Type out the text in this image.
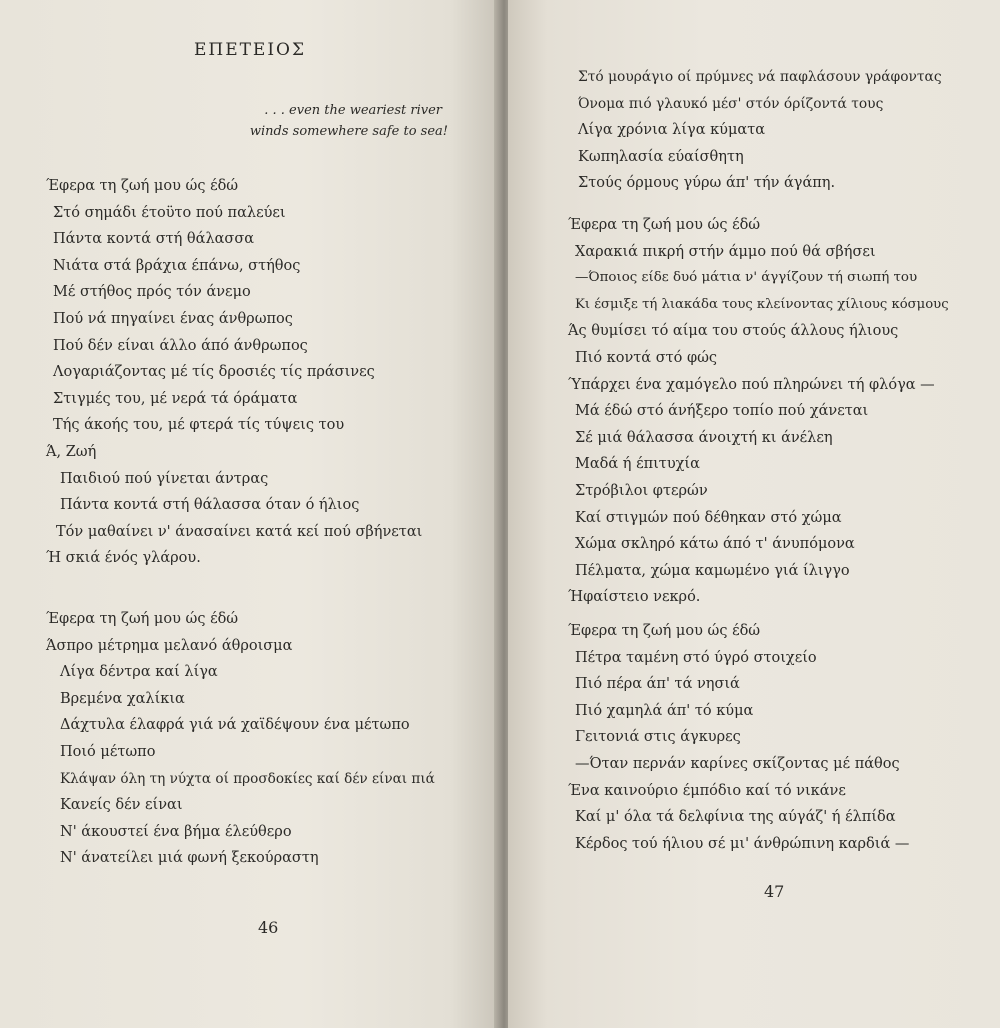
ΕΠΕΤΕΙΟΣ
. . . even the weariest river
winds somewhere safe to sea!
Έφερα τη ζωή μου ώς έδώ
Στό σημάδι έτοϋτο πού παλεύει
Πάντα κοντά στή θάλασσα
Νιάτα στά βράχια έπάνω, στήθος
Μέ στήθος πρός τόν άνεμο
Πού νά πηγαίνει ένας άνθρωπος
Πού δέν είναι άλλο άπό άνθρωπος
Λογαριάζοντας μέ τίς δροσιές τίς πράσινες
Στιγμές του, μέ νερά τά όράματα
Τής άκοής του, μέ φτερά τίς τύψεις του
Ά, Ζωή
Παιδιού πού γίνεται άντρας
Πάντα κοντά στή θάλασσα όταν ό ήλιος
Τόν μαθαίνει ν' άνασαίνει κατά κεί πού σβήνεται
Ή σκιά ένός γλάρου.
Έφερα τη ζωή μου ώς έδώ
Άσπρο μέτρημα μελανό άθροισμα
Λίγα δέντρα καί λίγα
Βρεμένα χαλίκια
Δάχτυλα έλαφρά γιά νά χαϊδέψουν ένα μέτωπο
Ποιό μέτωπο
Κλάψαν όλη τη νύχτα οί προσδοκίες καί δέν είναι πιά
Κανείς δέν είναι
Ν' άκουστεί ένα βήμα έλεύθερο
Ν' άνατείλει μιά φωνή ξεκούραστη
46
Στό μουράγιο οί πρύμνες νά παφλάσουν γράφοντας
Όνομα πιό γλαυκό μέσ' στόν όρίζοντά τους
Λίγα χρόνια λίγα κύματα
Κωπηλασία εύαίσθητη
Στούς όρμους γύρω άπ' τήν άγάπη.
Έφερα τη ζωή μου ώς έδώ
Χαρακιά πικρή στήν άμμο πού θά σβήσει
—Όποιος είδε δυό μάτια ν' άγγίζουν τή σιωπή του
Κι έσμιξε τή λιακάδα τους κλείνοντας χίλιους κόσμους
Άς θυμίσει τό αίμα του στούς άλλους ήλιους
Πιό κοντά στό φώς
Ύπάρχει ένα χαμόγελο πού πληρώνει τή φλόγα —
Μά έδώ στό άνήξερο τοπίο πού χάνεται
Σέ μιά θάλασσα άνοιχτή κι άνέλεη
Μαδά ή έπιτυχία
Στρόβιλοι φτερών
Καί στιγμών πού δέθηκαν στό χώμα
Χώμα σκληρό κάτω άπό τ' άνυπόμονα
Πέλματα, χώμα καμωμένο γιά ίλιγγο
Ήφαίστειο νεκρό.
Έφερα τη ζωή μου ώς έδώ
Πέτρα ταμένη στό ύγρό στοιχείο
Πιό πέρα άπ' τά νησιά
Πιό χαμηλά άπ' τό κύμα
Γειτονιά στις άγκυρες
—Όταν περνάν καρίνες σκίζοντας μέ πάθος
Ένα καινούριο έμπόδιο καί τό νικάνε
Καί μ' όλα τά δελφίνια της αύγάζ' ή έλπίδα
Κέρδος τού ήλιου σέ μι' άνθρώπινη καρδιά —
47
